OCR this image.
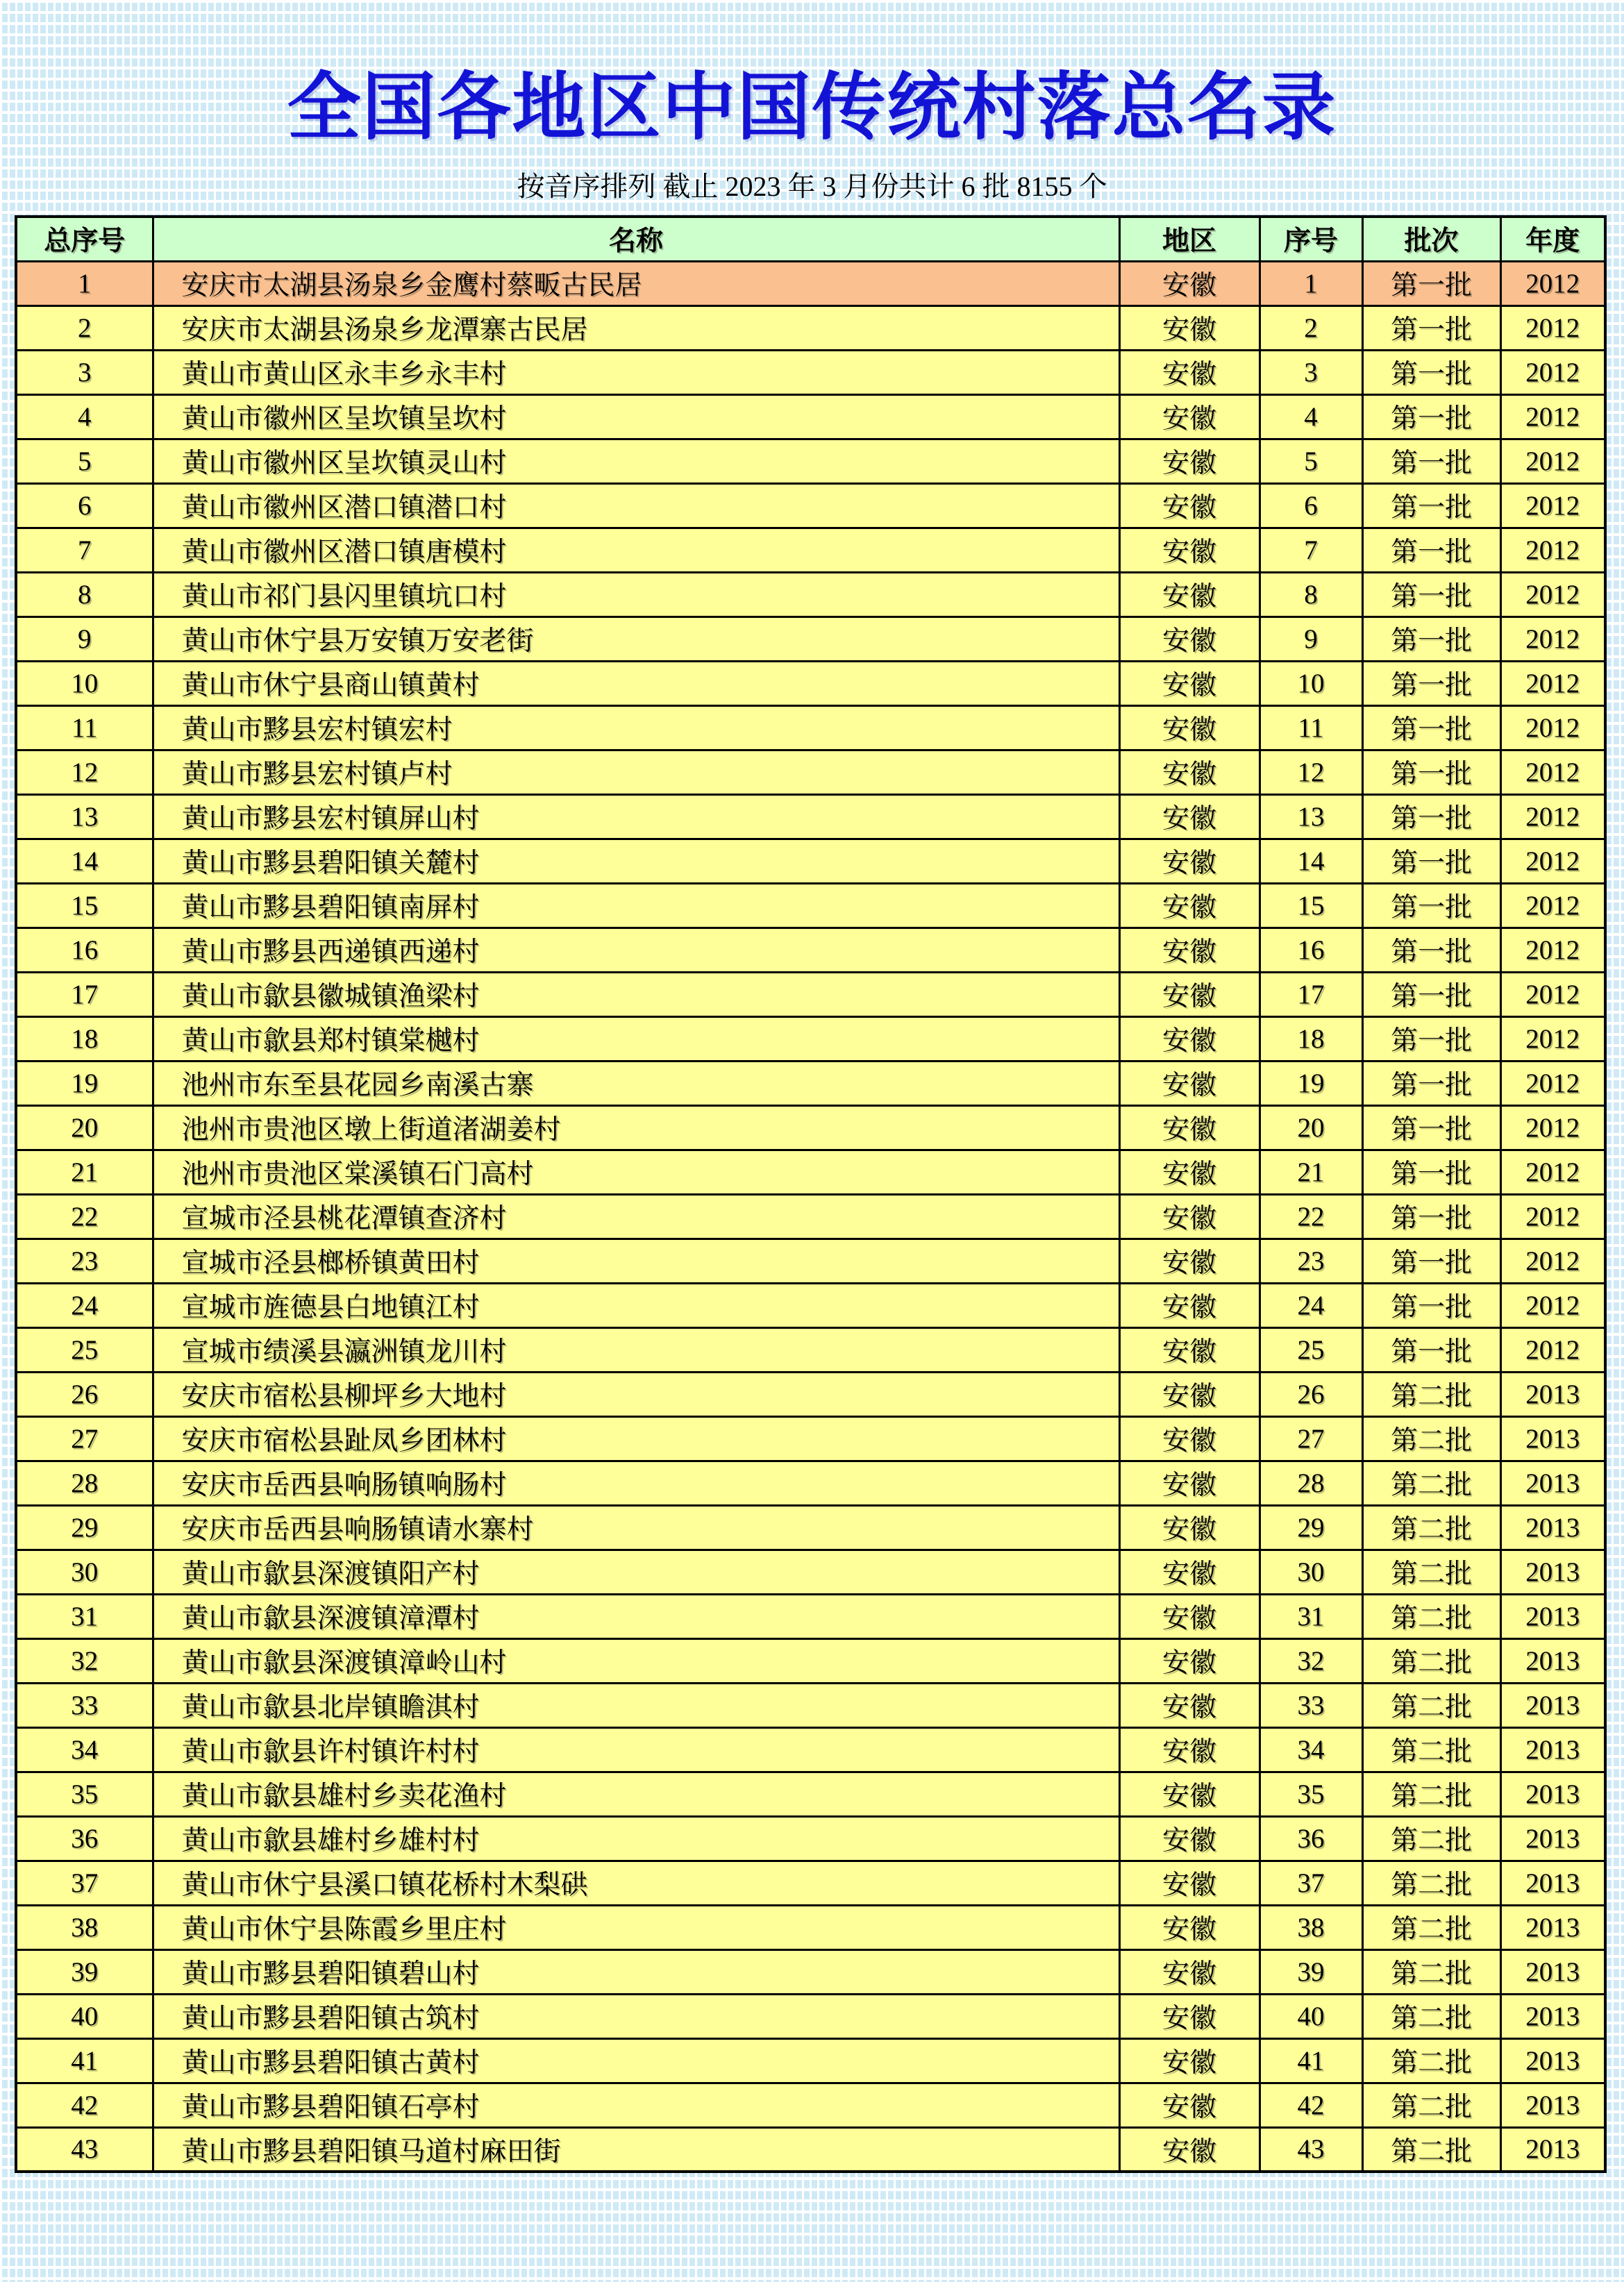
全国各地区中国传统村落总名录
按音序排列 截止 2023 年 3 月份共计 6 批 8155 个
总序号	名称	地区	序号	批次	年度
1	安庆市太湖县汤泉乡金鹰村蔡畈古民居	安徽	1	第一批	2012
2	安庆市太湖县汤泉乡龙潭寨古民居	安徽	2	第一批	2012
3	黄山市黄山区永丰乡永丰村	安徽	3	第一批	2012
4	黄山市徽州区呈坎镇呈坎村	安徽	4	第一批	2012
5	黄山市徽州区呈坎镇灵山村	安徽	5	第一批	2012
6	黄山市徽州区潜口镇潜口村	安徽	6	第一批	2012
7	黄山市徽州区潜口镇唐模村	安徽	7	第一批	2012
8	黄山市祁门县闪里镇坑口村	安徽	8	第一批	2012
9	黄山市休宁县万安镇万安老街	安徽	9	第一批	2012
10	黄山市休宁县商山镇黄村	安徽	10	第一批	2012
11	黄山市黟县宏村镇宏村	安徽	11	第一批	2012
12	黄山市黟县宏村镇卢村	安徽	12	第一批	2012
13	黄山市黟县宏村镇屏山村	安徽	13	第一批	2012
14	黄山市黟县碧阳镇关麓村	安徽	14	第一批	2012
15	黄山市黟县碧阳镇南屏村	安徽	15	第一批	2012
16	黄山市黟县西递镇西递村	安徽	16	第一批	2012
17	黄山市歙县徽城镇渔梁村	安徽	17	第一批	2012
18	黄山市歙县郑村镇棠樾村	安徽	18	第一批	2012
19	池州市东至县花园乡南溪古寨	安徽	19	第一批	2012
20	池州市贵池区墩上街道渚湖姜村	安徽	20	第一批	2012
21	池州市贵池区棠溪镇石门高村	安徽	21	第一批	2012
22	宣城市泾县桃花潭镇查济村	安徽	22	第一批	2012
23	宣城市泾县榔桥镇黄田村	安徽	23	第一批	2012
24	宣城市旌德县白地镇江村	安徽	24	第一批	2012
25	宣城市绩溪县瀛洲镇龙川村	安徽	25	第一批	2012
26	安庆市宿松县柳坪乡大地村	安徽	26	第二批	2013
27	安庆市宿松县趾凤乡团林村	安徽	27	第二批	2013
28	安庆市岳西县响肠镇响肠村	安徽	28	第二批	2013
29	安庆市岳西县响肠镇请水寨村	安徽	29	第二批	2013
30	黄山市歙县深渡镇阳产村	安徽	30	第二批	2013
31	黄山市歙县深渡镇漳潭村	安徽	31	第二批	2013
32	黄山市歙县深渡镇漳岭山村	安徽	32	第二批	2013
33	黄山市歙县北岸镇瞻淇村	安徽	33	第二批	2013
34	黄山市歙县许村镇许村村	安徽	34	第二批	2013
35	黄山市歙县雄村乡卖花渔村	安徽	35	第二批	2013
36	黄山市歙县雄村乡雄村村	安徽	36	第二批	2013
37	黄山市休宁县溪口镇花桥村木梨硔	安徽	37	第二批	2013
38	黄山市休宁县陈霞乡里庄村	安徽	38	第二批	2013
39	黄山市黟县碧阳镇碧山村	安徽	39	第二批	2013
40	黄山市黟县碧阳镇古筑村	安徽	40	第二批	2013
41	黄山市黟县碧阳镇古黄村	安徽	41	第二批	2013
42	黄山市黟县碧阳镇石亭村	安徽	42	第二批	2013
43	黄山市黟县碧阳镇马道村麻田街	安徽	43	第二批	2013
